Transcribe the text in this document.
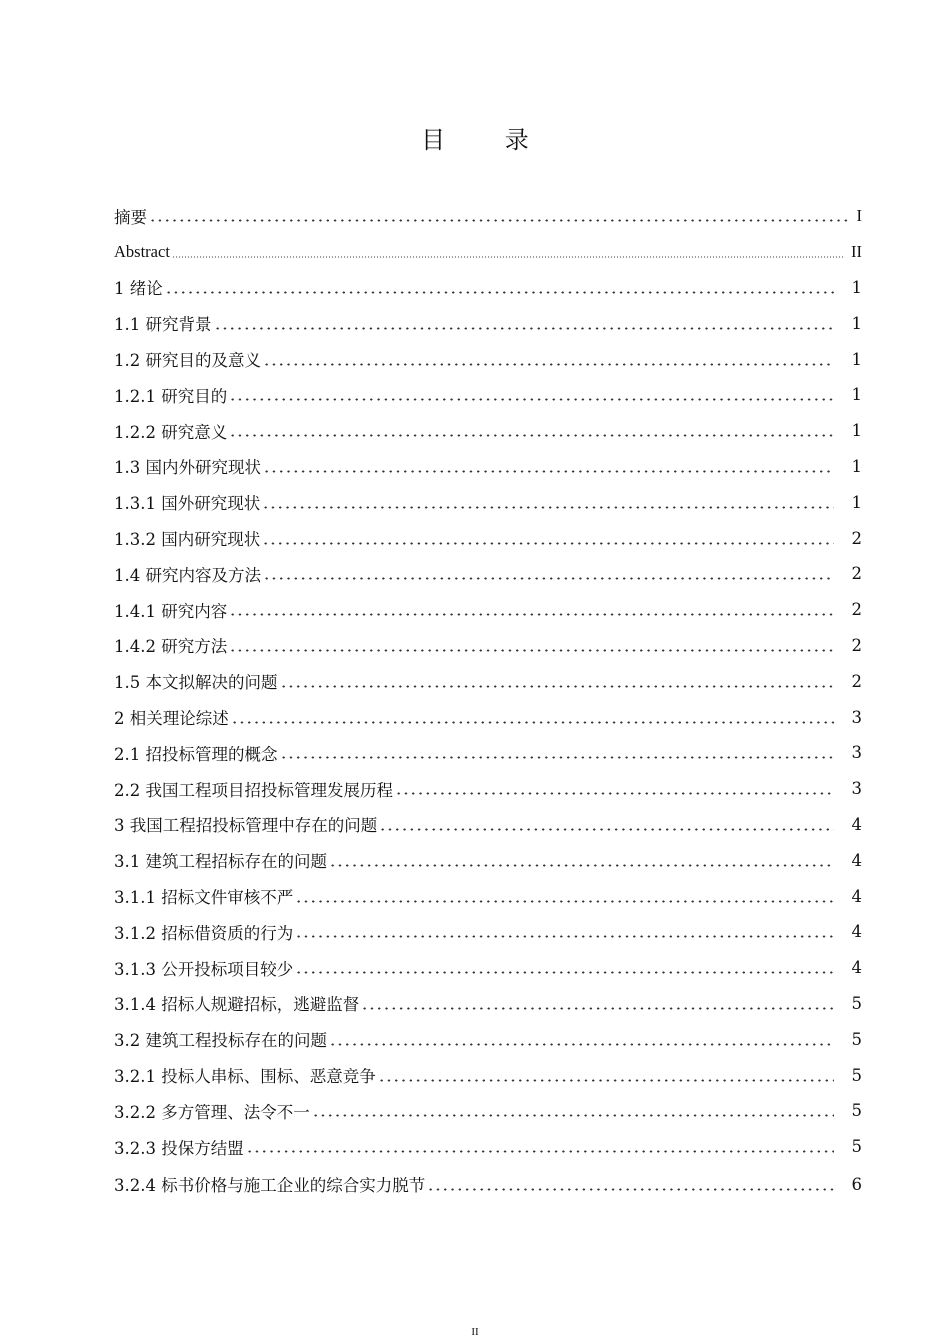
目 录
摘要	I
Abstract	II
1 绪论	1
1.1 研究背景	1
1.2 研究目的及意义	1
1.2.1 研究目的	1
1.2.2 研究意义	1
1.3 国内外研究现状	1
1.3.1 国外研究现状	1
1.3.2 国内研究现状	2
1.4 研究内容及方法	2
1.4.1 研究内容	2
1.4.2 研究方法	2
1.5 本文拟解决的问题	2
2 相关理论综述	3
2.1 招投标管理的概念	3
2.2 我国工程项目招投标管理发展历程	3
3 我国工程招投标管理中存在的问题	4
3.1 建筑工程招标存在的问题	4
3.1.1 招标文件审核不严	4
3.1.2 招标借资质的行为	4
3.1.3 公开投标项目较少	4
3.1.4 招标人规避招标，逃避监督	5
3.2 建筑工程投标存在的问题	5
3.2.1 投标人串标、围标、恶意竞争	5
3.2.2 多方管理、法令不一	5
3.2.3 投保方结盟	5
3.2.4 标书价格与施工企业的综合实力脱节	6
II
